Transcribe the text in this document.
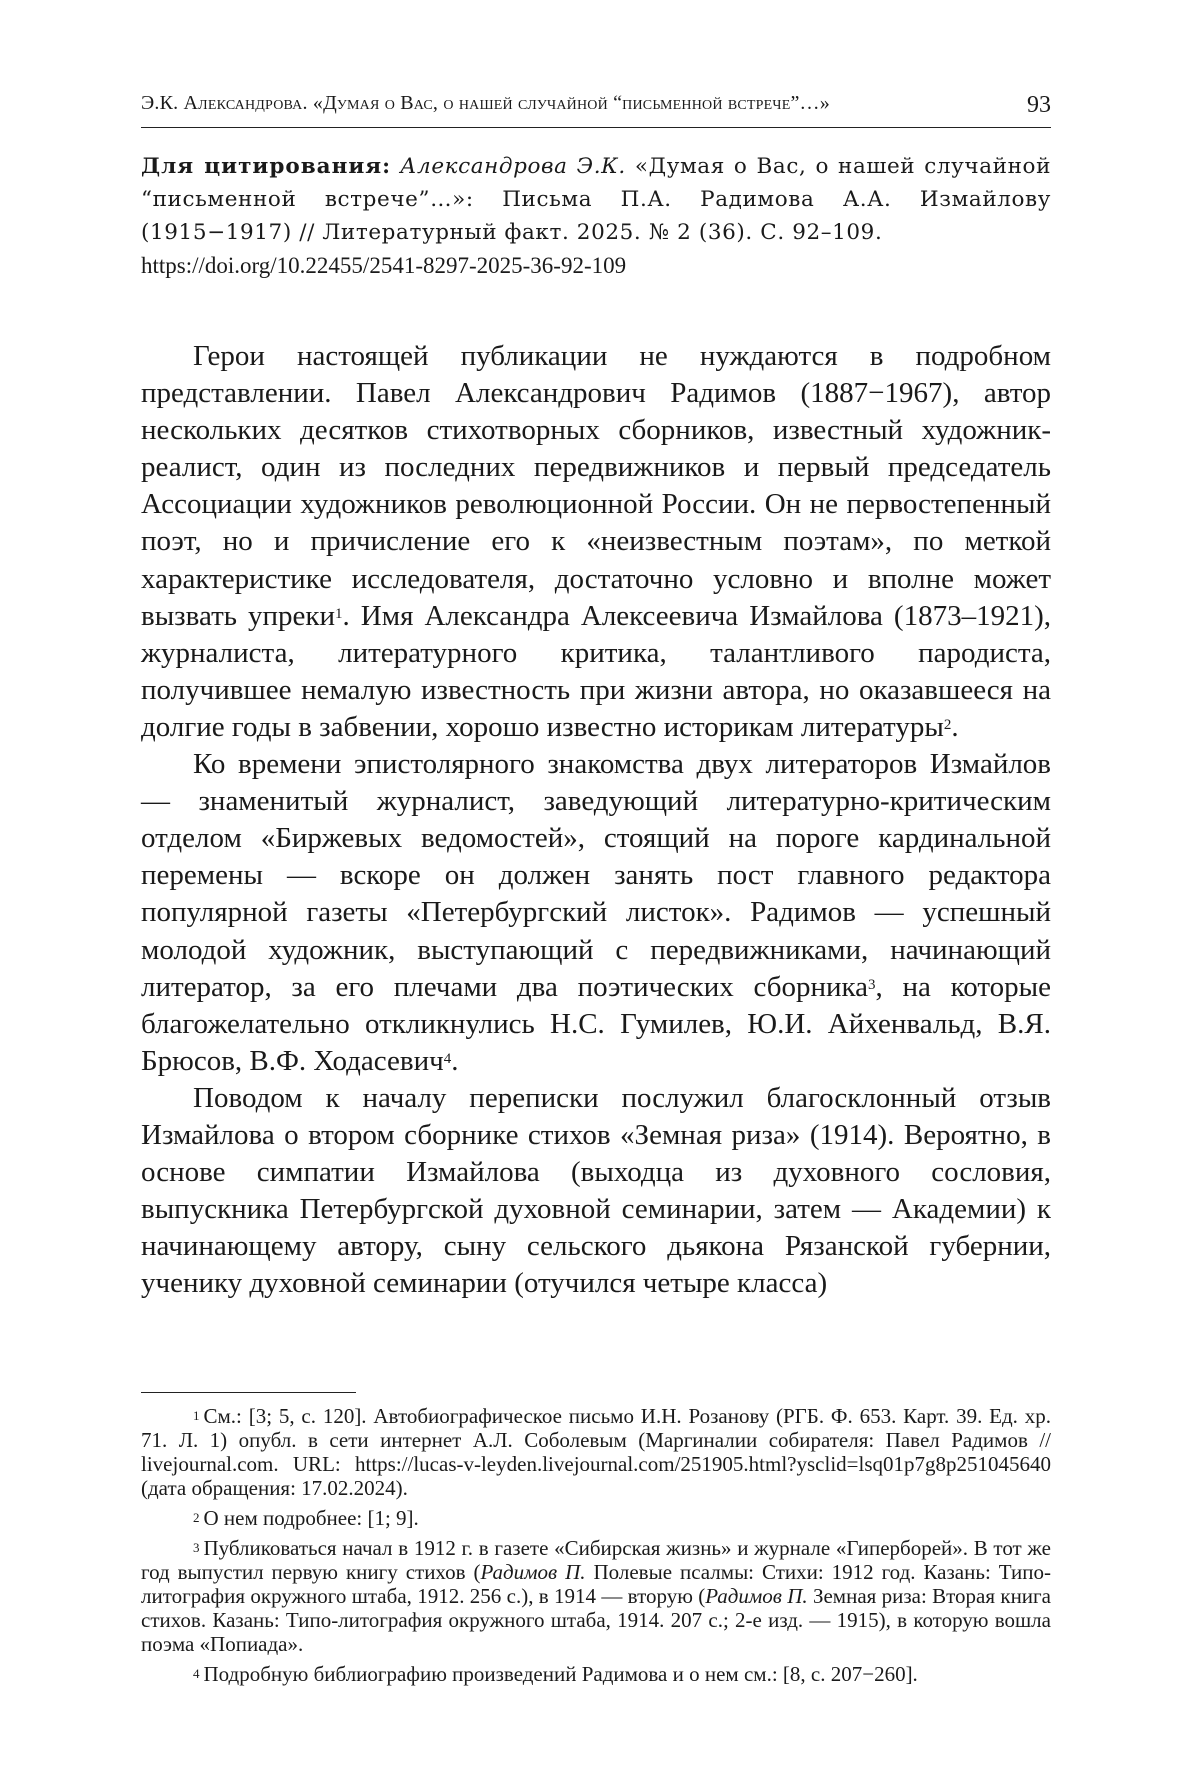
Э.К. Александрова. «Думая о Вас, о нашей случайной “письменной встрече”…»	93
Для цитирования: Александрова Э.К. «Думая о Вас, о нашей случайной “письменной встрече”…»: Письма П.А. Радимова А.А. Измайлову (1915−1917) // Литературный факт. 2025. № 2 (36). С. 92–109.
https://doi.org/10.22455/2541-8297-2025-36-92-109

Герои настоящей публикации не нуждаются в подробном представлении. Павел Александрович Радимов (1887−1967), автор нескольких десятков стихотворных сборников, известный художник-реалист, один из последних передвижников и первый председатель Ассоциации художников революционной России. Он не первостепенный поэт, но и причисление его к «неизвестным поэтам», по меткой характеристике исследователя, достаточно условно и вполне может вызвать упреки$^1$. Имя Александра Алексеевича Измайлова (1873–1921), журналиста, литературного критика, талантливого пародиста, получившее немалую известность при жизни автора, но оказавшееся на долгие годы в забвении, хорошо известно историкам литературы$^2$.

Ко времени эпистолярного знакомства двух литераторов Измайлов — знаменитый журналист, заведующий литературно-критическим отделом «Биржевых ведомостей», стоящий на пороге кардинальной перемены — вскоре он должен занять пост главного редактора популярной газеты «Петербургский листок». Радимов — успешный молодой художник, выступающий с передвижниками, начинающий литератор, за его плечами два поэтических сборника$^3$, на которые благожелательно откликнулись Н.С. Гумилев, Ю.И. Айхенвальд, В.Я. Брюсов, В.Ф. Ходасевич$^4$.

Поводом к началу переписки послужил благосклонный отзыв Измайлова о втором сборнике стихов «Земная риза» (1914). Вероятно, в основе симпатии Измайлова (выходца из духовного сословия, выпускника Петербургской духовной семинарии, затем — Академии) к начинающему автору, сыну сельского дьякона Рязанской губернии, ученику духовной семинарии (отучился четыре класса)

$^1$ См.: [3; 5, с. 120]. Автобиографическое письмо И.Н. Розанову (РГБ. Ф. 653. Карт. 39. Ед. хр. 71. Л. 1) опубл. в сети интернет А.Л. Соболевым (Маргиналии собирателя: Павел Радимов // livejournal.com. URL: https://lucas-v-leyden.livejournal.com/251905.html?ysclid=lsq01p7g8p251045640 (дата обращения: 17.02.2024).

$^2$ О нем подробнее: [1; 9].

$^3$ Публиковаться начал в 1912 г. в газете «Сибирская жизнь» и журнале «Гиперборей». В тот же год выпустил первую книгу стихов (Радимов П. Полевые псалмы: Стихи: 1912 год. Казань: Типо-литография окружного штаба, 1912. 256 с.), в 1914 — вторую (Радимов П. Земная риза: Вторая книга стихов. Казань: Типо-литография окружного штаба, 1914. 207 с.; 2-е изд. — 1915), в которую вошла поэма «Попиада».

$^4$ Подробную библиографию произведений Радимова и о нем см.: [8, с. 207−260].
